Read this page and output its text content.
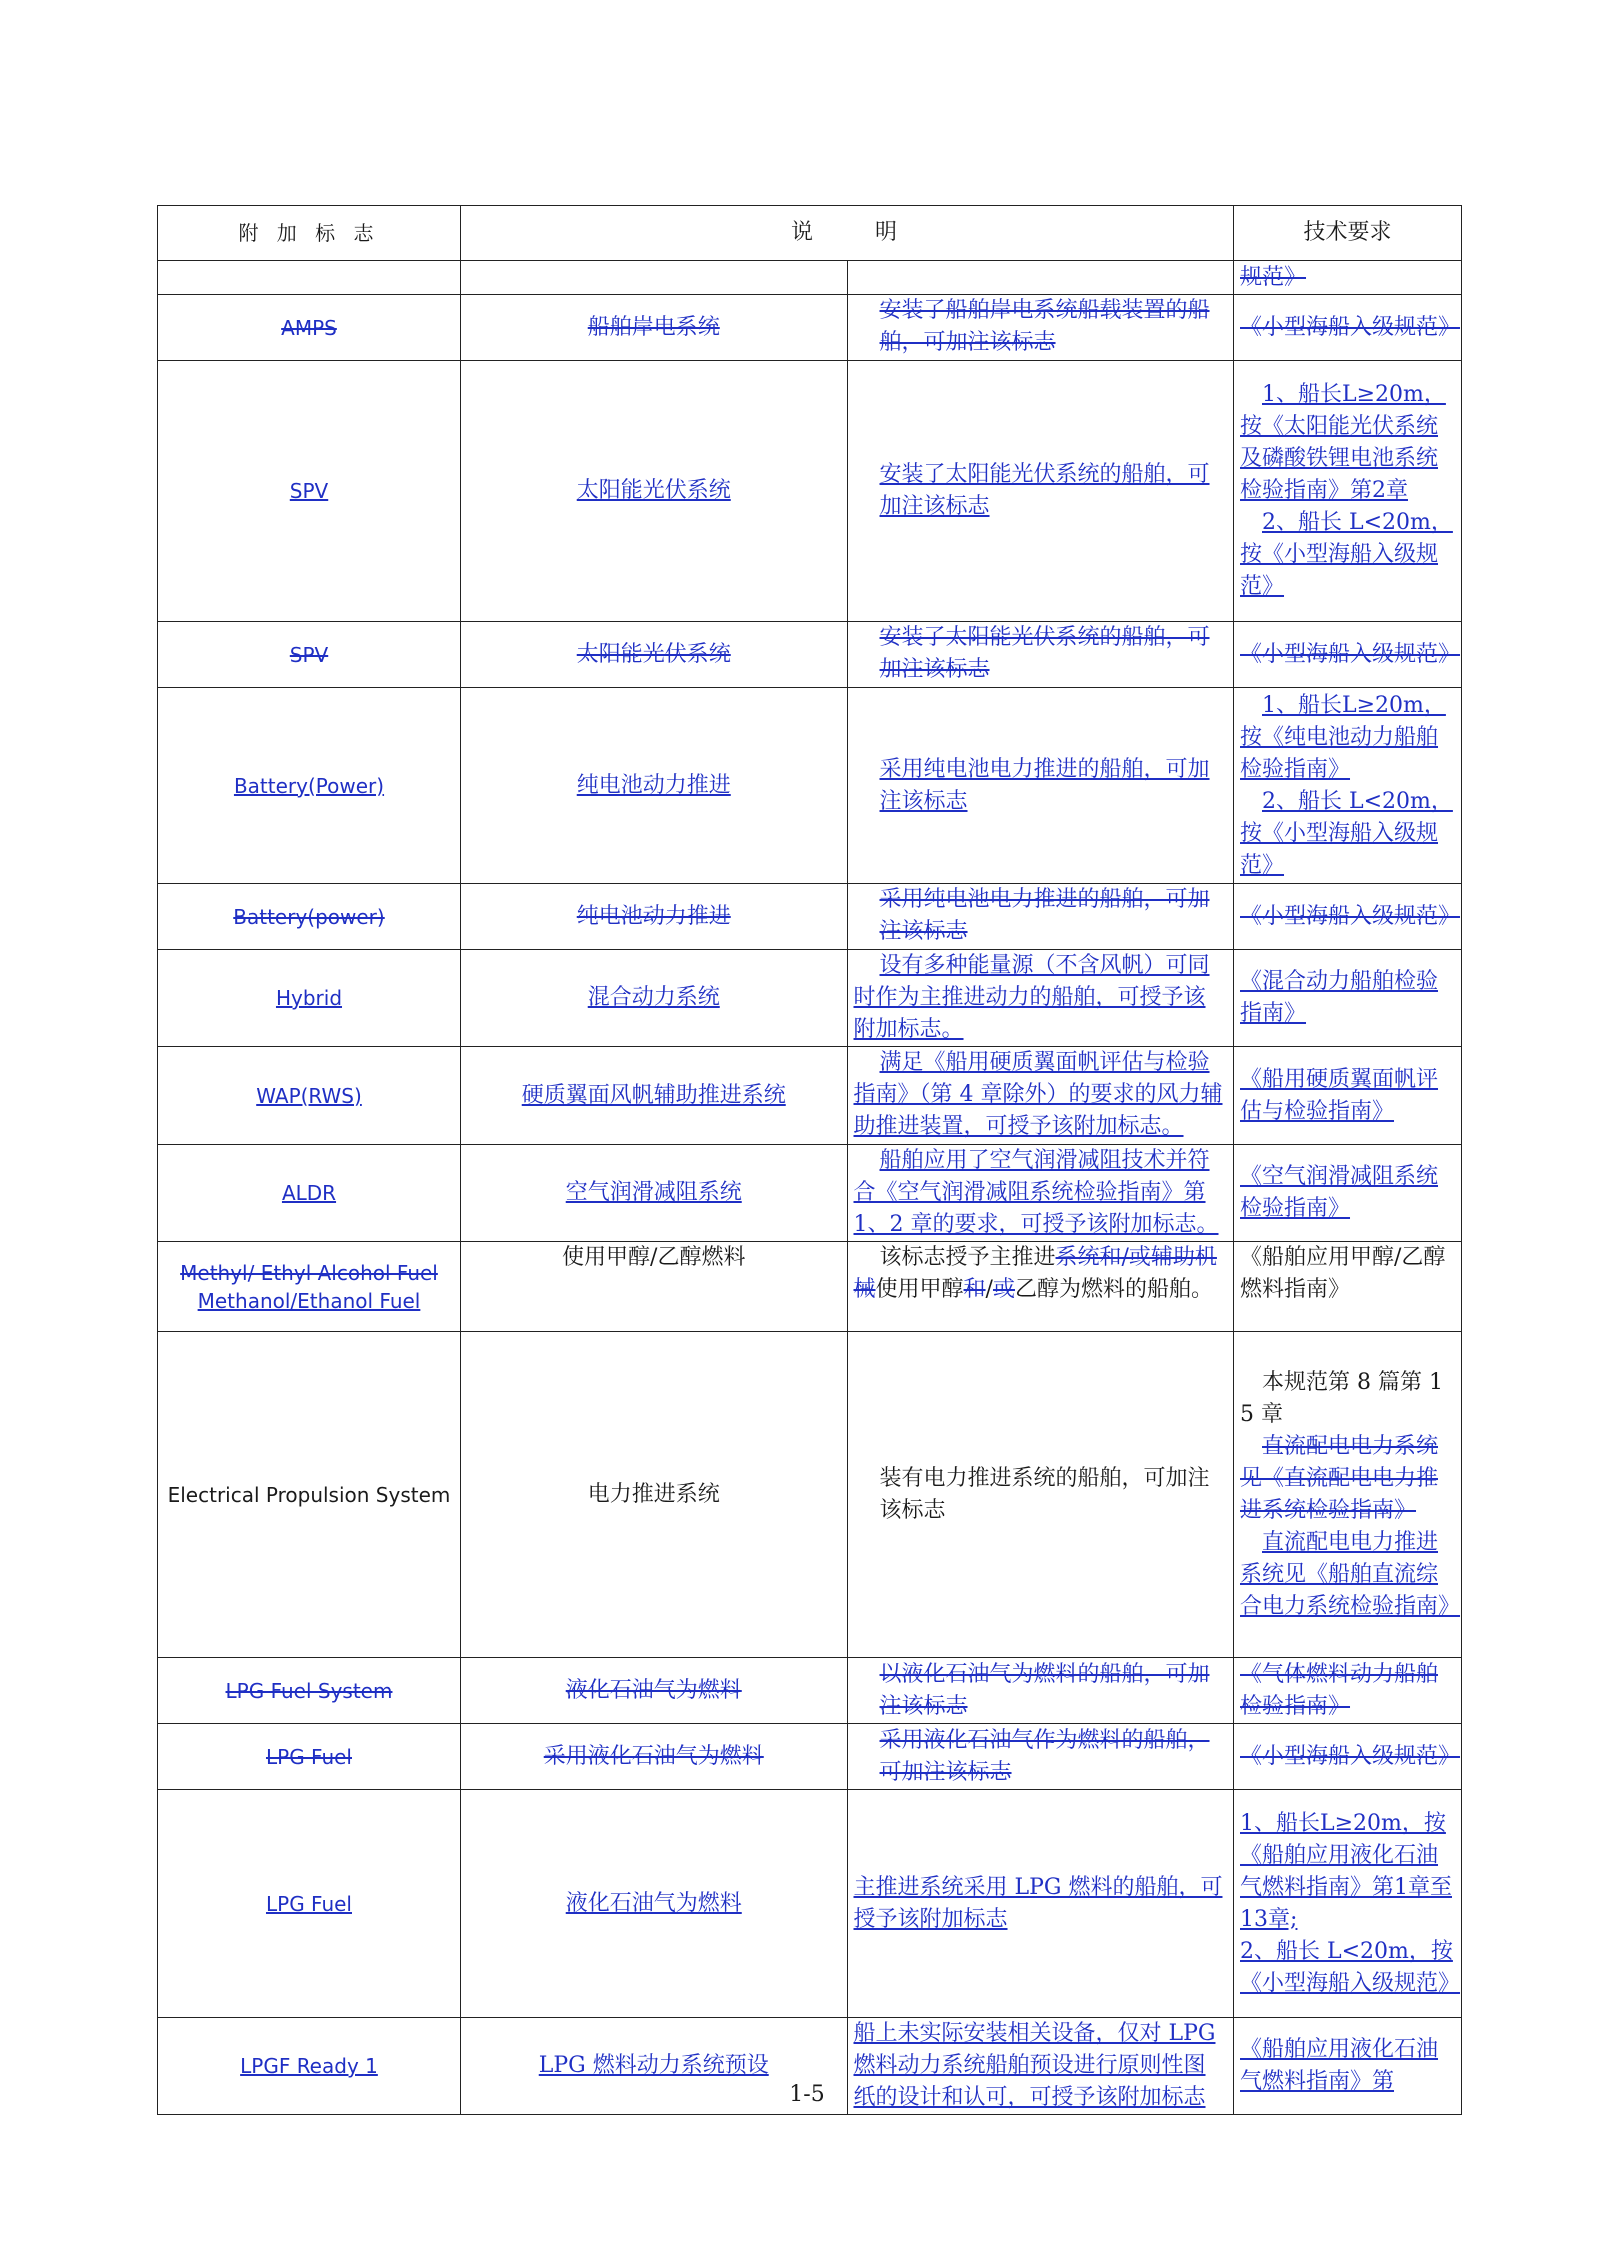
附 加 标 志	说　　明		技术要求
			规范》
AMPS	船舶岸电系统	安装了船舶岸电系统船载装置的船舶，可加注该标志	《小型海船入级规范》
SPV	太阳能光伏系统	安装了太阳能光伏系统的船舶，可加注该标志	1、船长L≥20m，按《太阳能光伏系统及磷酸铁锂电池系统检验指南》第2章
2、船长 L<20m，按《小型海船入级规范》

SPV	太阳能光伏系统	安装了太阳能光伏系统的船舶，可加注该标志	《小型海船入级规范》
Battery(Power)	纯电池动力推进	采用纯电池电力推进的船舶，可加注该标志	1、船长L≥20m，按《纯电池动力船舶检验指南》
2、船长 L<20m，按《小型海船入级规范》

Battery(power)	纯电池动力推进	采用纯电池电力推进的船舶，可加注该标志	《小型海船入级规范》
Hybrid	混合动力系统	设有多种能量源（不含风帆）可同时作为主推进动力的船舶，可授予该附加标志。	《混合动力船舶检验指南》
WAP(RWS)	硬质翼面风帆辅助推进系统	满足《船用硬质翼面帆评估与检验指南》（第 4 章除外）的要求的风力辅助推进装置，可授予该附加标志。	《船用硬质翼面帆评估与检验指南》
ALDR	空气润滑减阻系统	船舶应用了空气润滑减阻技术并符合《空气润滑减阻系统检验指南》第 1、2 章的要求，可授予该附加标志。	《空气润滑减阻系统检验指南》

Methyl/ Ethyl Alcohol Fuel
Methanol/Ethanol Fuel	使用甲醇/乙醇燃料	该标志授予主推进系统和/或辅助机械使用甲醇和/或乙醇为燃料的船舶。	《船舶应用甲醇/乙醇燃料指南》
Electrical Propulsion System	电力推进系统	装有电力推进系统的船舶，可加注该标志	本规范第 8 篇第 15 章
直流配电电力系统见《直流配电电力推进系统检验指南》
直流配电电力推进系统见《船舶直流综合电力系统检验指南》

LPG Fuel System	液化石油气为燃料	以液化石油气为燃料的船舶，可加注该标志	《气体燃料动力船舶检验指南》
LPG Fuel	采用液化石油气为燃料	采用液化石油气作为燃料的船舶，可加注该标志	《小型海船入级规范》
LPG Fuel	液化石油气为燃料	主推进系统采用 LPG 燃料的船舶，可授予该附加标志	1、船长L≥20m，按《船舶应用液化石油气燃料指南》第1章至13章;
2、船长 L<20m，按《小型海船入级规范》

LPGF Ready 1	LPG 燃料动力系统预设	船上未实际安装相关设备，仅对 LPG 燃料动力系统船舶预设进行原则性图纸的设计和认可，可授予该附加标志	《船舶应用液化石油气燃料指南》第
1-5
